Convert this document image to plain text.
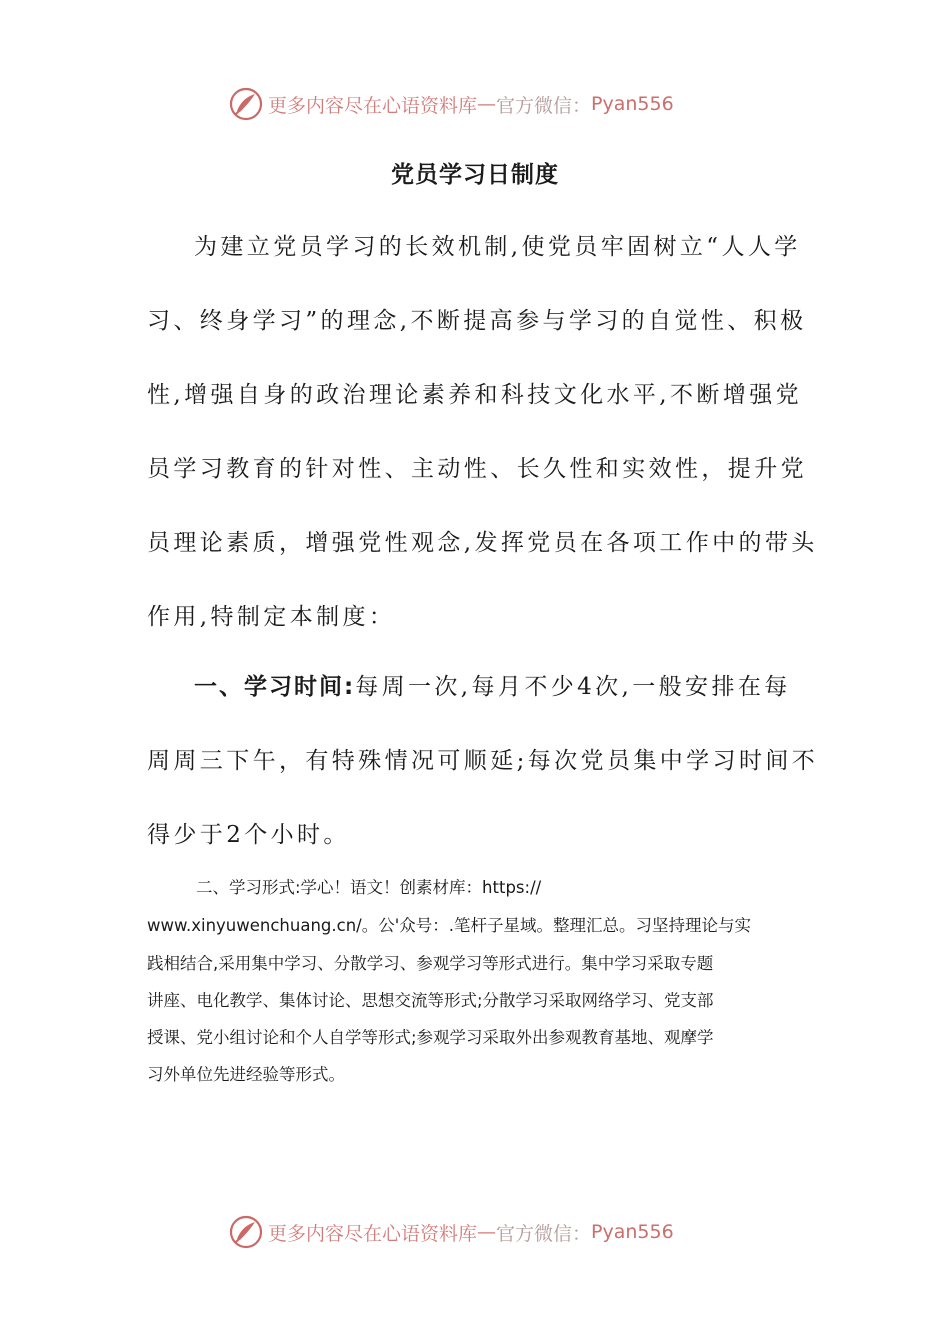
更多内容尽在心语资料库 — 官方微信： Pyan556
党员学习日制度
为建立党员学习的长效机制,使党员牢固树立“人人学
习、终身学习”的理念,不断提高参与学习的自觉性、积极
性,增强自身的政治理论素养和科技文化水平,不断增强党
员学习教育的针对性、主动性、长久性和实效性，提升党
员理论素质，增强党性观念,发挥党员在各项工作中的带头
作用,特制定本制度：
一、学习时间:每周一次,每月不少4次,一般安排在每
周周三下午，有特殊情况可顺延;每次党员集中学习时间不
得少于2个小时。
二、学习形式:学心！语文！创素材库：https://
www.xinyuwenchuang.cn/。公'众号：.笔杆子星域。整理汇总。习坚持理论与实
践相结合,采用集中学习、分散学习、参观学习等形式进行。集中学习采取专题
讲座、电化教学、集体讨论、思想交流等形式;分散学习采取网络学习、党支部
授课、党小组讨论和个人自学等形式;参观学习采取外出参观教育基地、观摩学
习外单位先进经验等形式。
更多内容尽在心语资料库 — 官方微信： Pyan556
